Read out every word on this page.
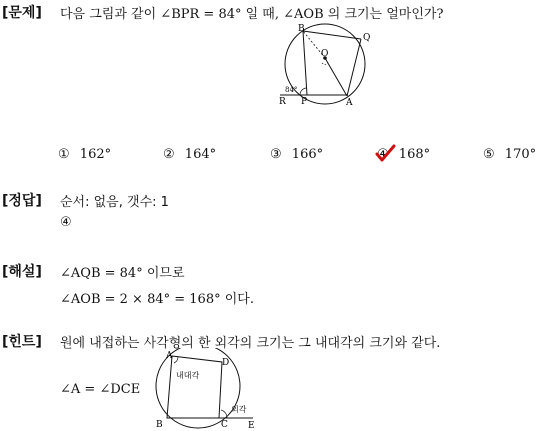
[문제] 다음 그림과 같이 ∠BPR = 84° 일 때, ∠AOB 의 크기는 얼마인가?
B
Q
O
R P	A
84°
① 162°	② 164°	③ 166°	④ 168°	⑤ 170°
[정답] 순서: 없음, 갯수: 1
④
[해설] ∠AQB = 84° 이므로
∠AOB = 2 × 84° = 168° 이다.
[힌트] 원에 내접하는 사각형의 한 외각의 크기는 그 내대각의 크기와 같다.
∠A = ∠DCE
A
D
B	C E
내대각
외각
